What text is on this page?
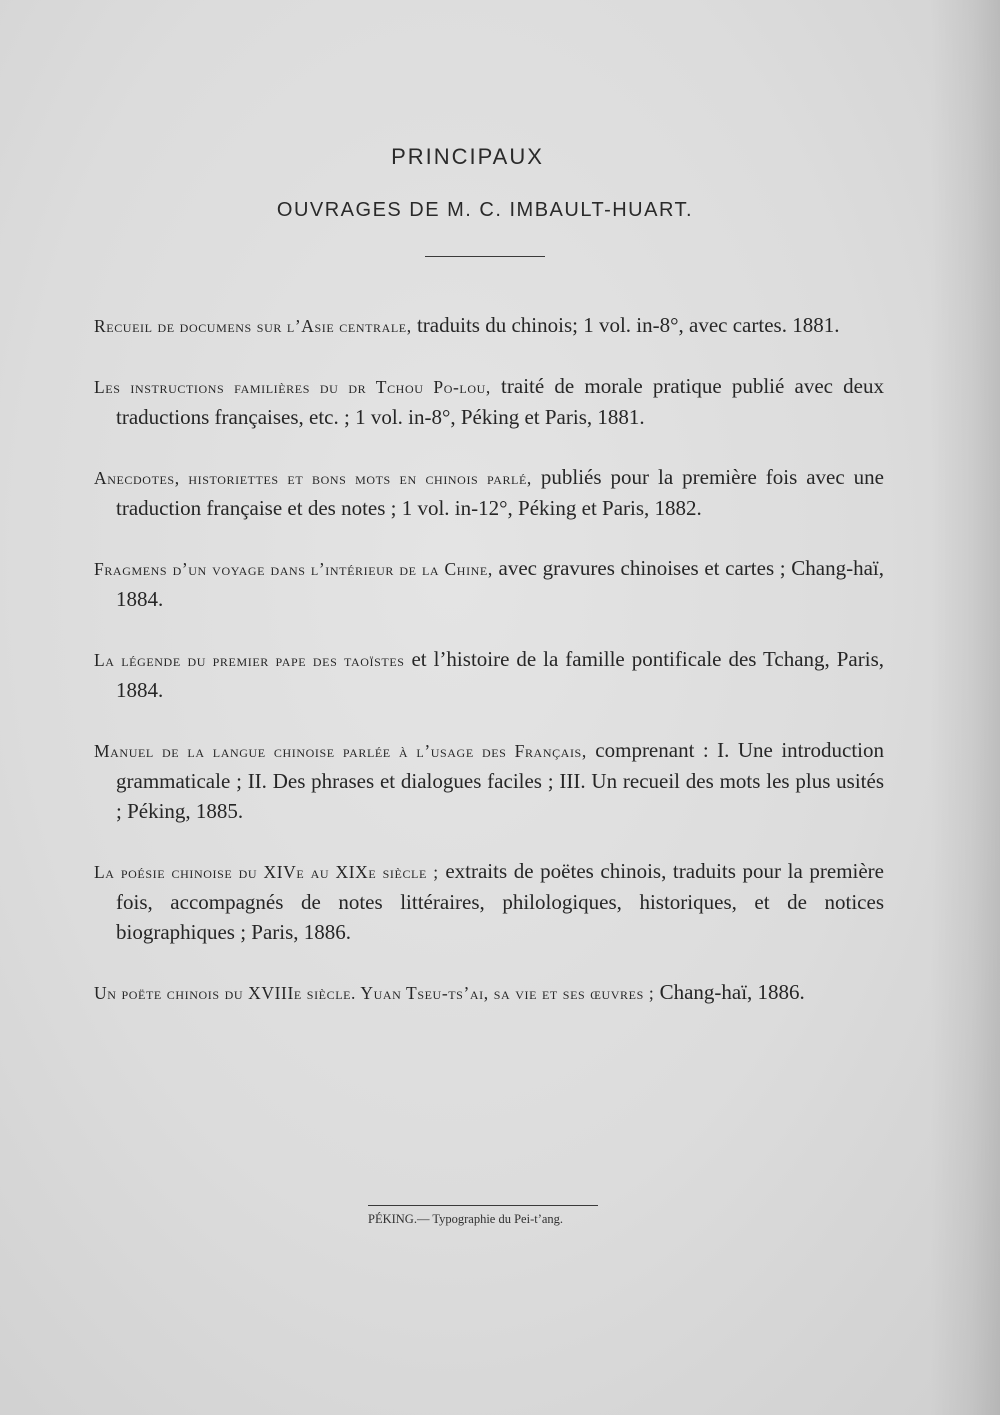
PRINCIPAUX
OUVRAGES DE M. C. IMBAULT-HUART.

Recueil de documens sur l’Asie centrale, traduits du chinois; 1 vol. in-8°, avec cartes. 1881.

Les instructions familières du dr Tchou Po-lou, traité de morale pratique publié avec deux traductions françaises, etc. ; 1 vol. in-8°, Péking et Paris, 1881.

Anecdotes, historiettes et bons mots en chinois parlé, publiés pour la première fois avec une traduction française et des notes ; 1 vol. in-12°, Péking et Paris, 1882.

Fragmens d’un voyage dans l’intérieur de la Chine, avec gravures chinoises et cartes ; Chang-haï, 1884.

La légende du premier pape des taoïstes et l’histoire de la famille pontificale des Tchang, Paris, 1884.

Manuel de la langue chinoise parlée à l’usage des Français, comprenant : I. Une introduction grammaticale ; II. Des phrases et dialogues faciles ; III. Un recueil des mots les plus usités ; Péking, 1885.

La poésie chinoise du XIVe au XIXe siècle ; extraits de poëtes chinois, traduits pour la première fois, accompagnés de notes littéraires, philologiques, historiques, et de notices biographiques ; Paris, 1886.

Un poëte chinois du XVIIIe siècle. Yuan Tseu-ts’ai, sa vie et ses œuvres ; Chang-haï, 1886.

PÉKING.— Typographie du Pei-t’ang.
